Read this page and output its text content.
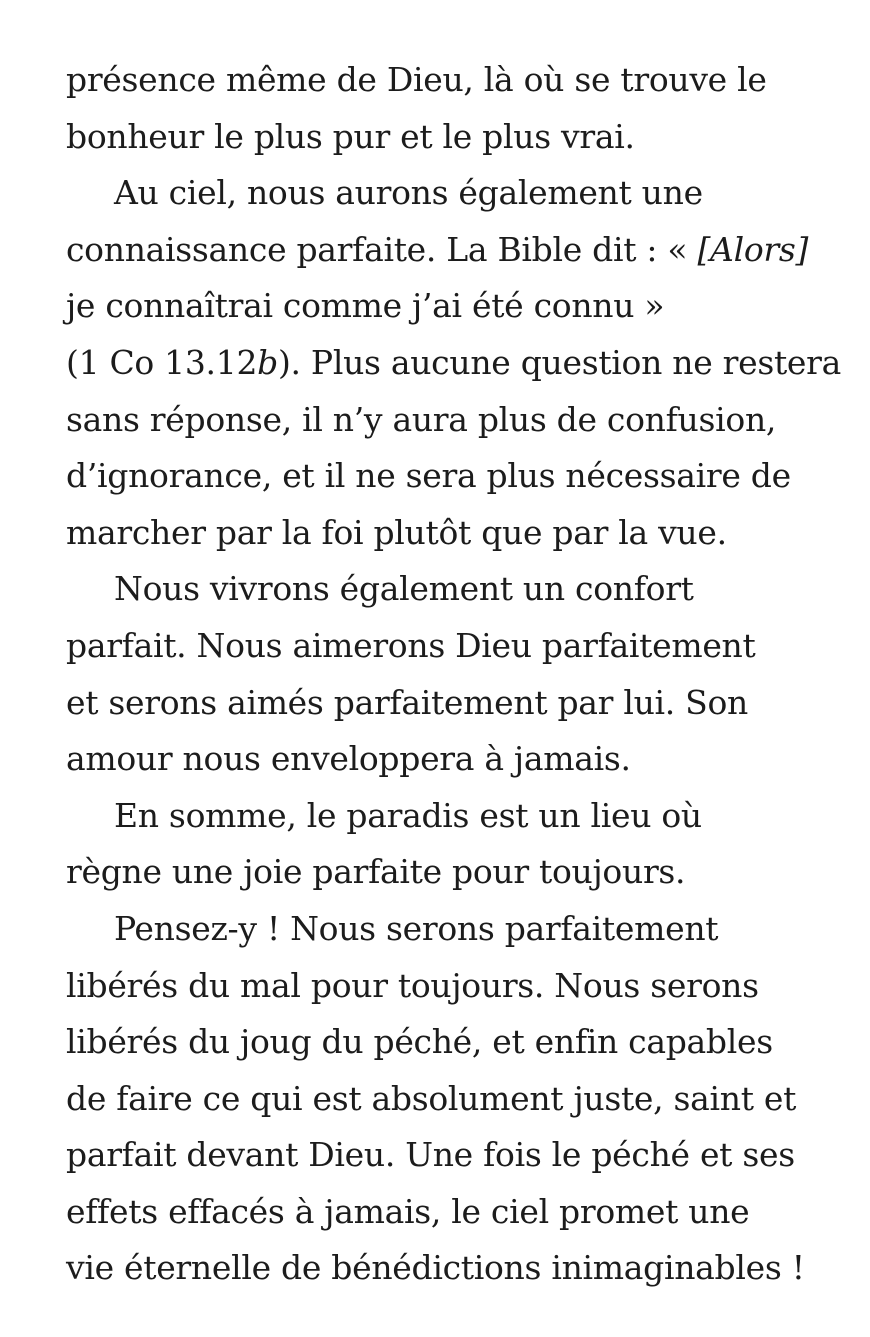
présence même de Dieu, là où se trouve le
bonheur le plus pur et le plus vrai.
Au ciel, nous aurons également une
connaissance parfaite. La Bible dit : « [Alors]
je connaîtrai comme j’ai été connu »
(1 Co 13.12b). Plus aucune question ne restera
sans réponse, il n’y aura plus de confusion,
d’ignorance, et il ne sera plus nécessaire de
marcher par la foi plutôt que par la vue.
Nous vivrons également un confort
parfait. Nous aimerons Dieu parfaitement
et serons aimés parfaitement par lui. Son
amour nous enveloppera à jamais.
En somme, le paradis est un lieu où
règne une joie parfaite pour toujours.
Pensez-y ! Nous serons parfaitement
libérés du mal pour toujours. Nous serons
libérés du joug du péché, et enfin capables
de faire ce qui est absolument juste, saint et
parfait devant Dieu. Une fois le péché et ses
effets effacés à jamais, le ciel promet une
vie éternelle de bénédictions inimaginables !
